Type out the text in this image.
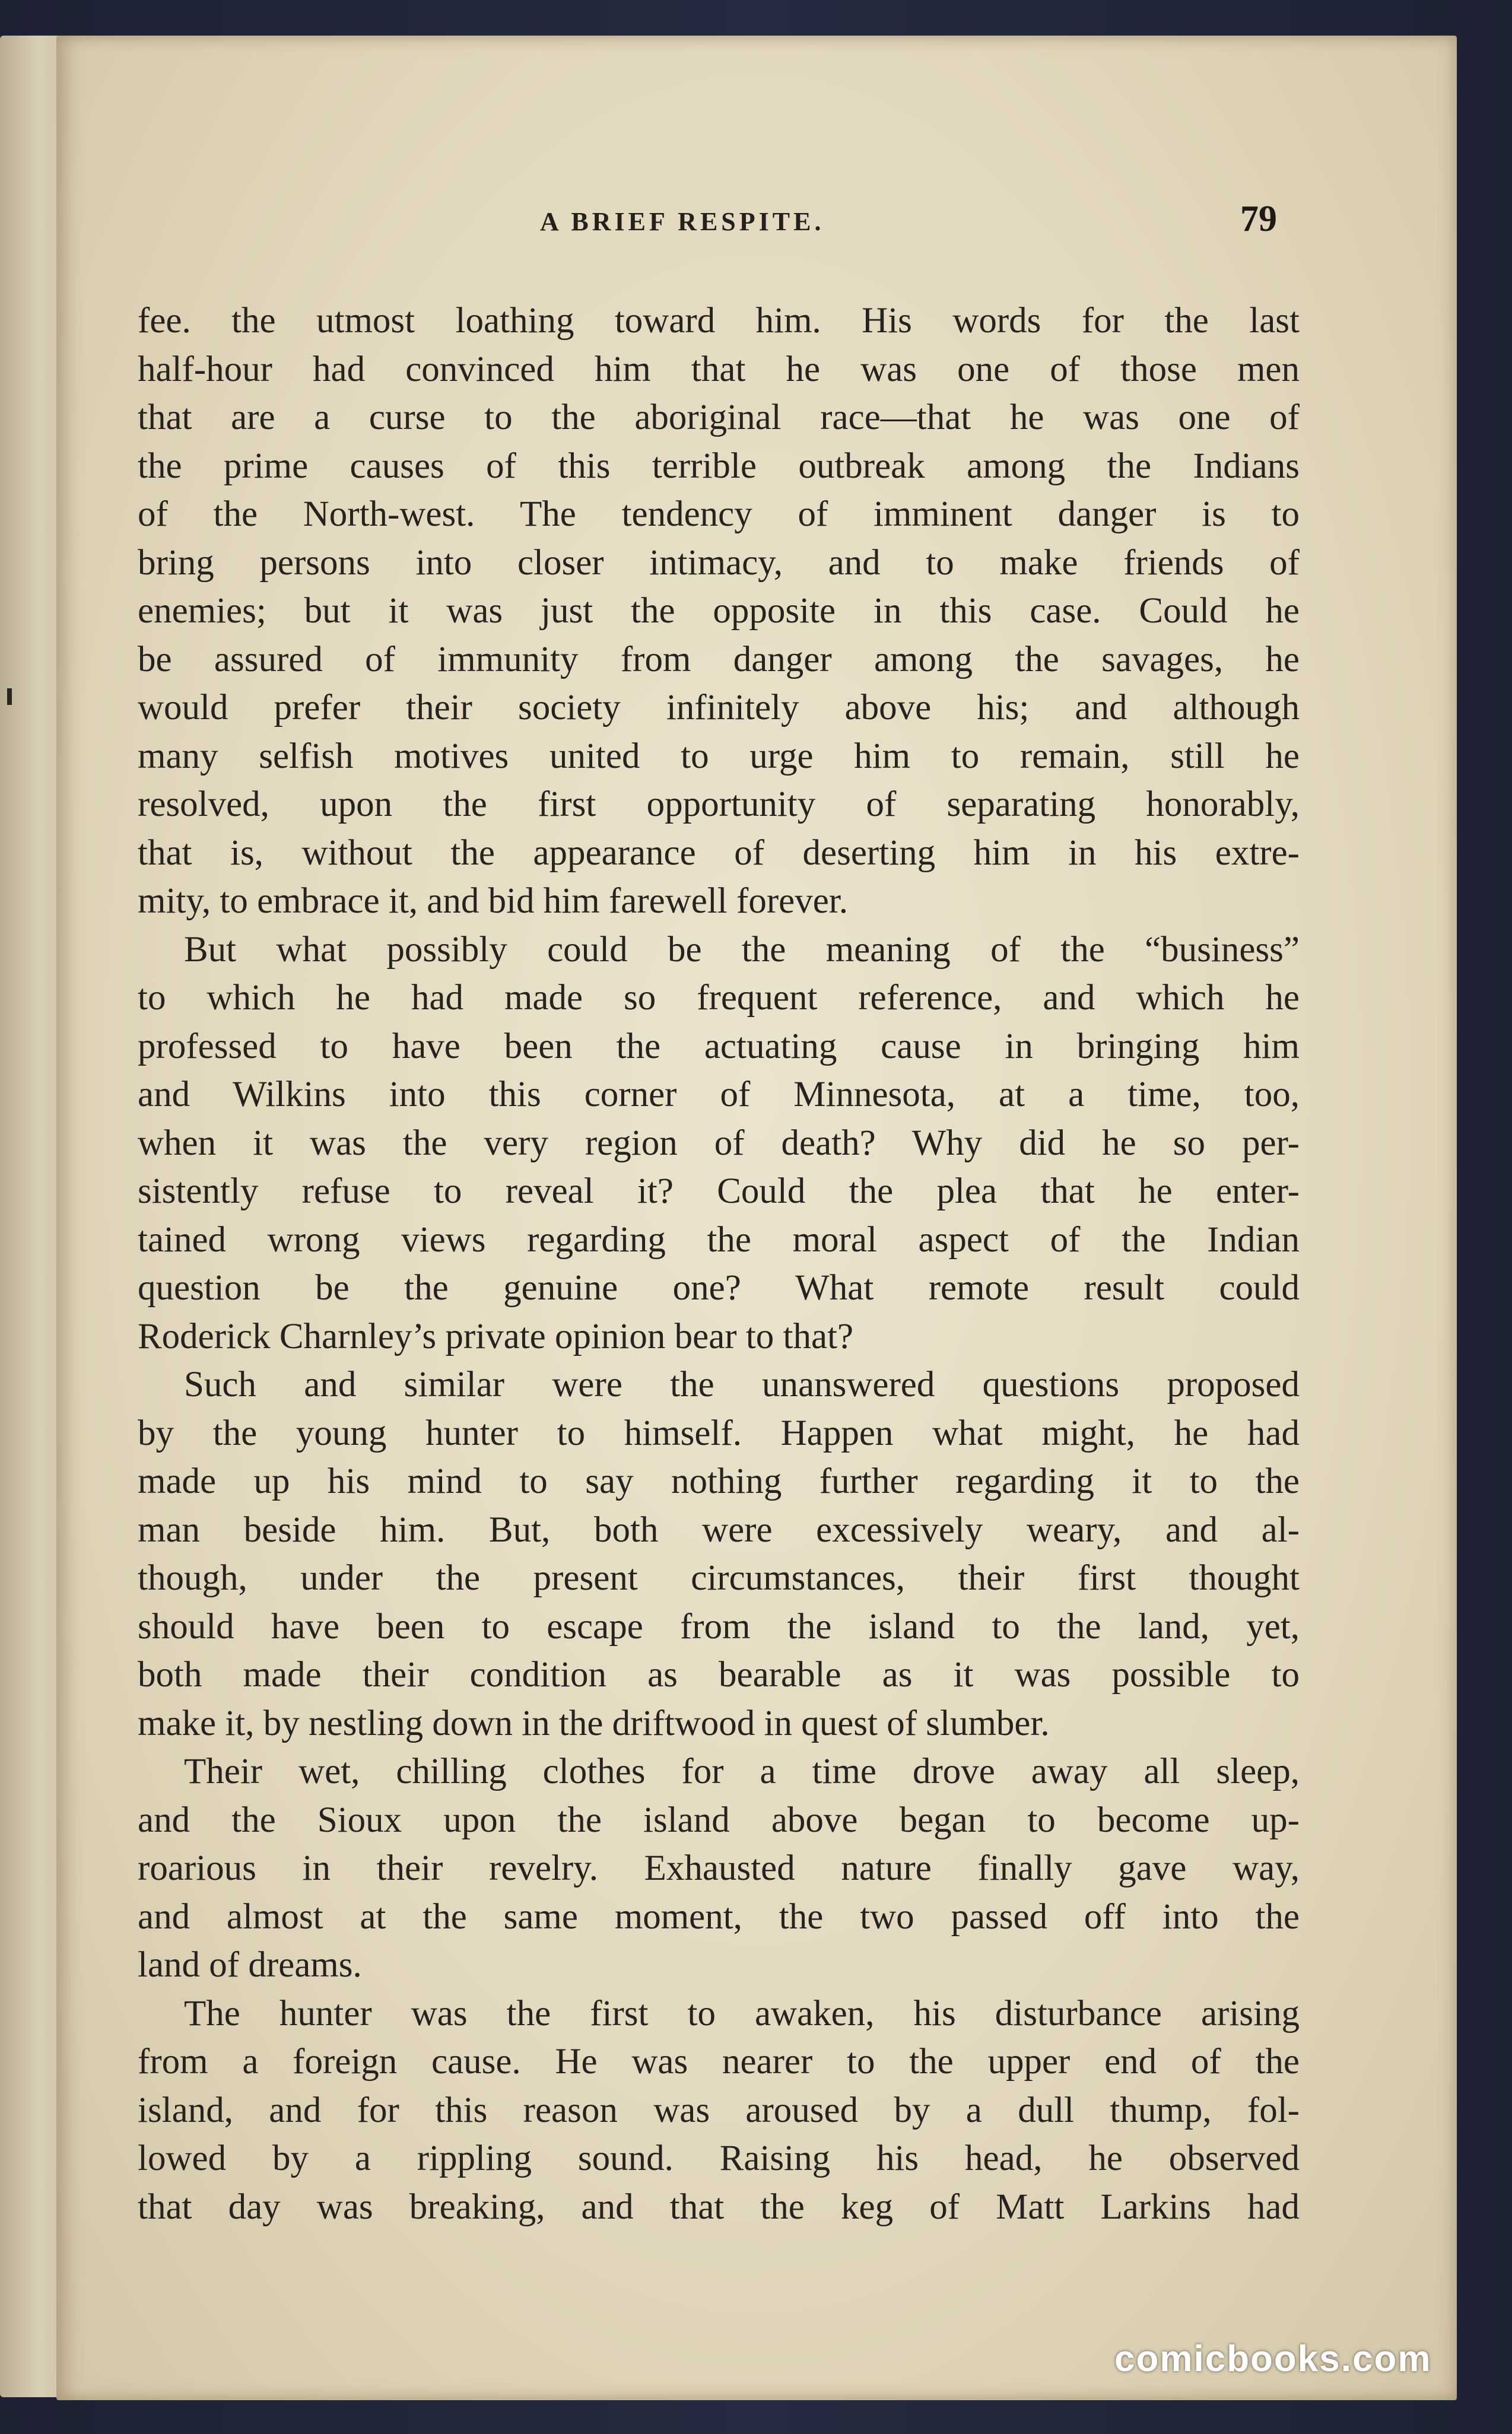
A BRIEF RESPITE.	79
fee. the utmost loathing toward him. His words for the last
half-hour had convinced him that he was one of those men
that are a curse to the aboriginal race—that he was one of
the prime causes of this terrible outbreak among the Indians
of the North-west. The tendency of imminent danger is to
bring persons into closer intimacy, and to make friends of
enemies; but it was just the opposite in this case. Could he
be assured of immunity from danger among the savages, he
would prefer their society infinitely above his; and although
many selfish motives united to urge him to remain, still he
resolved, upon the first opportunity of separating honorably,
that is, without the appearance of deserting him in his extre-
mity, to embrace it, and bid him farewell forever.
But what possibly could be the meaning of the “business”
to which he had made so frequent reference, and which he
professed to have been the actuating cause in bringing him
and Wilkins into this corner of Minnesota, at a time, too,
when it was the very region of death? Why did he so per-
sistently refuse to reveal it? Could the plea that he enter-
tained wrong views regarding the moral aspect of the Indian
question be the genuine one? What remote result could
Roderick Charnley’s private opinion bear to that?
Such and similar were the unanswered questions proposed
by the young hunter to himself. Happen what might, he had
made up his mind to say nothing further regarding it to the
man beside him. But, both were excessively weary, and al-
though, under the present circumstances, their first thought
should have been to escape from the island to the land, yet,
both made their condition as bearable as it was possible to
make it, by nestling down in the driftwood in quest of slumber.
Their wet, chilling clothes for a time drove away all sleep,
and the Sioux upon the island above began to become up-
roarious in their revelry. Exhausted nature finally gave way,
and almost at the same moment, the two passed off into the
land of dreams.
The hunter was the first to awaken, his disturbance arising
from a foreign cause. He was nearer to the upper end of the
island, and for this reason was aroused by a dull thump, fol-
lowed by a rippling sound. Raising his head, he observed
that day was breaking, and that the keg of Matt Larkins had
comicbooks.com
